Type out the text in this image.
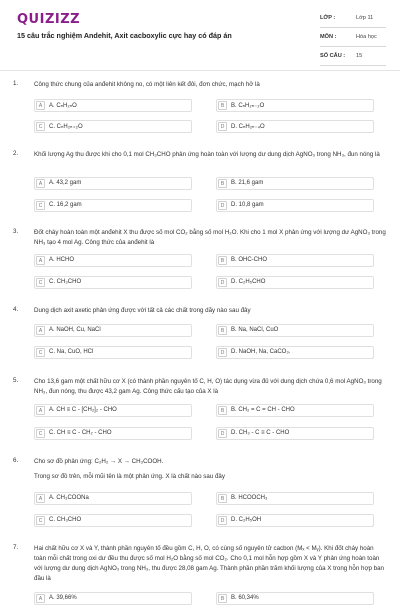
QUIZIZZ
15 câu trắc nghiệm Andehit, Axit cacboxylic cực hay có đáp án
LỚP :	Lớp 11
MÔN :	Hóa học
SỐ CÂU :	15
1.	Công thức chung của anđehit không no, có một liên kết đôi, đơn chức, mạch hở là
A	A. CₙH₂ₙO	B	B. CₙH₂ₙ₋₂O
C	C. CₙH₂ₙ₊₂O	D	D. CₙH₂ₙ₋₄O
2.	Khối lượng Ag thu được khi cho 0,1 mol CH₃CHO phản ứng hoàn toàn với lượng dư dung dịch AgNO₃ trong NH₃, đun nóng là
A	A. 43,2 gam	B	B. 21,6 gam
C	C. 16,2 gam	D	D. 10,8 gam
3.	Đốt cháy hoàn toàn một anđehit X thu được số mol CO₂ bằng số mol H₂O. Khi cho 1 mol X phản ứng với lượng dư AgNO₃ trong NH₃ tạo 4 mol Ag. Công thức của anđehit là
A	A. HCHO	B	B. OHC-CHO
C	C. CH₃CHO	D	D. C₂H₅CHO
4.	Dung dịch axit axetic phản ứng được với tất cả các chất trong dãy nào sau đây
A	A. NaOH, Cu, NaCl	B	B. Na, NaCl, CuO
C	C. Na, CuO, HCl	D	D. NaOH, Na, CaCO₃.
5.	Cho 13,6 gam một chất hữu cơ X (có thành phần nguyên tố C, H, O) tác dụng vừa đủ với dung dịch chứa 0,6 mol AgNO₃ trong NH₃, đun nóng, thu được 43,2 gam Ag. Công thức cấu tạo của X là
A	A. CH ≡ C - [CH₂]₂ - CHO	B	B. CH₂ = C = CH - CHO
C	C. CH ≡ C - CH₂ - CHO	D	D. CH₃ - C ≡ C - CHO
6.	Cho sơ đồ phản ứng: C₂H₂ → X → CH₃COOH.
Trong sơ đồ trên, mỗi mũi tên là một phản ứng. X là chất nào sau đây
A	A. CH₃COONa	B	B. HCOOCH₃
C	C. CH₃CHO	D	D. C₂H₅OH
7.	Hai chất hữu cơ X và Y, thành phần nguyên tố đều gồm C, H, O, có cùng số nguyên tử cacbon (Mₓ < Mᵧ). Khi đốt cháy hoàn toàn mỗi chất trong oxi dư đều thu được số mol H₂O bằng số mol CO₂. Cho 0,1 mol hỗn hợp gồm X và Y phản ứng hoàn toàn với lượng dư dung dịch AgNO₃ trong NH₃, thu được 28,08 gam Ag. Thành phần phần trăm khối lượng của X trong hỗn hợp ban đầu là
A	A. 39,66%	B	B. 60,34%
